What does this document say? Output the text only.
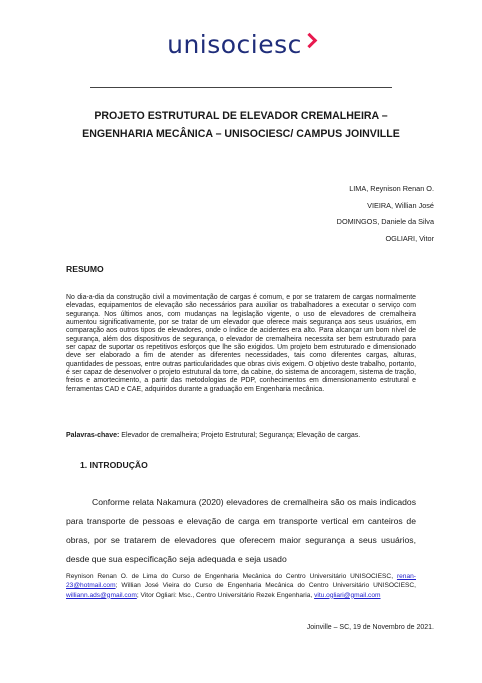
unisociesc
PROJETO ESTRUTURAL DE ELEVADOR CREMALHEIRA –
ENGENHARIA MECÂNICA – UNISOCIESC/ CAMPUS JOINVILLE
LIMA, Reynison Renan O.
VIEIRA, Willian José
DOMINGOS, Daniele da Silva
OGLIARI, Vitor
RESUMO
No dia-a-dia da construção civil a movimentação de cargas é comum, e por se tratarem de cargas normalmente elevadas, equipamentos de elevação são necessários para auxiliar os trabalhadores a executar o serviço com segurança. Nos últimos anos, com mudanças na legislação vigente, o uso de elevadores de cremalheira aumentou significativamente, por se tratar de um elevador que oferece mais segurança aos seus usuários, em comparação aos outros tipos de elevadores, onde o índice de acidentes era alto. Para alcançar um bom nível de segurança, além dos dispositivos de segurança, o elevador de cremalheira necessita ser bem estruturado para ser capaz de suportar os repetitivos esforços que lhe são exigidos. Um projeto bem estruturado e dimensionado deve ser elaborado a fim de atender as diferentes necessidades, tais como diferentes cargas, alturas, quantidades de pessoas, entre outras particularidades que obras civis exigem. O objetivo deste trabalho, portanto, é ser capaz de desenvolver o projeto estrutural da torre, da cabine, do sistema de ancoragem, sistema de tração, freios e amortecimento, a partir das metodologias de PDP, conhecimentos em dimensionamento estrutural e ferramentas CAD e CAE, adquiridos durante a graduação em Engenharia mecânica.
Palavras-chave: Elevador de cremalheira; Projeto Estrutural; Segurança; Elevação de cargas.
1. INTRODUÇÃO
Conforme relata Nakamura (2020) elevadores de cremalheira são os mais indicados para transporte de pessoas e elevação de carga em transporte vertical em canteiros de obras, por se tratarem de elevadores que oferecem maior segurança a seus usuários, desde que sua especificação seja adequada e seja usado
Reynison Renan O. de Lima do Curso de Engenharia Mecânica do Centro Universitário UNISOCIESC, renan-23@hotmail.com; Willian José Vieira do Curso de Engenharia Mecânica do Centro Universitário UNISOCIESC, williann.ads@gmail.com; Vitor Ogliari: Msc., Centro Universitário Rezek Engenharia, vitu.ogliari@gmail.com
Joinville – SC, 19 de Novembro de 2021.
